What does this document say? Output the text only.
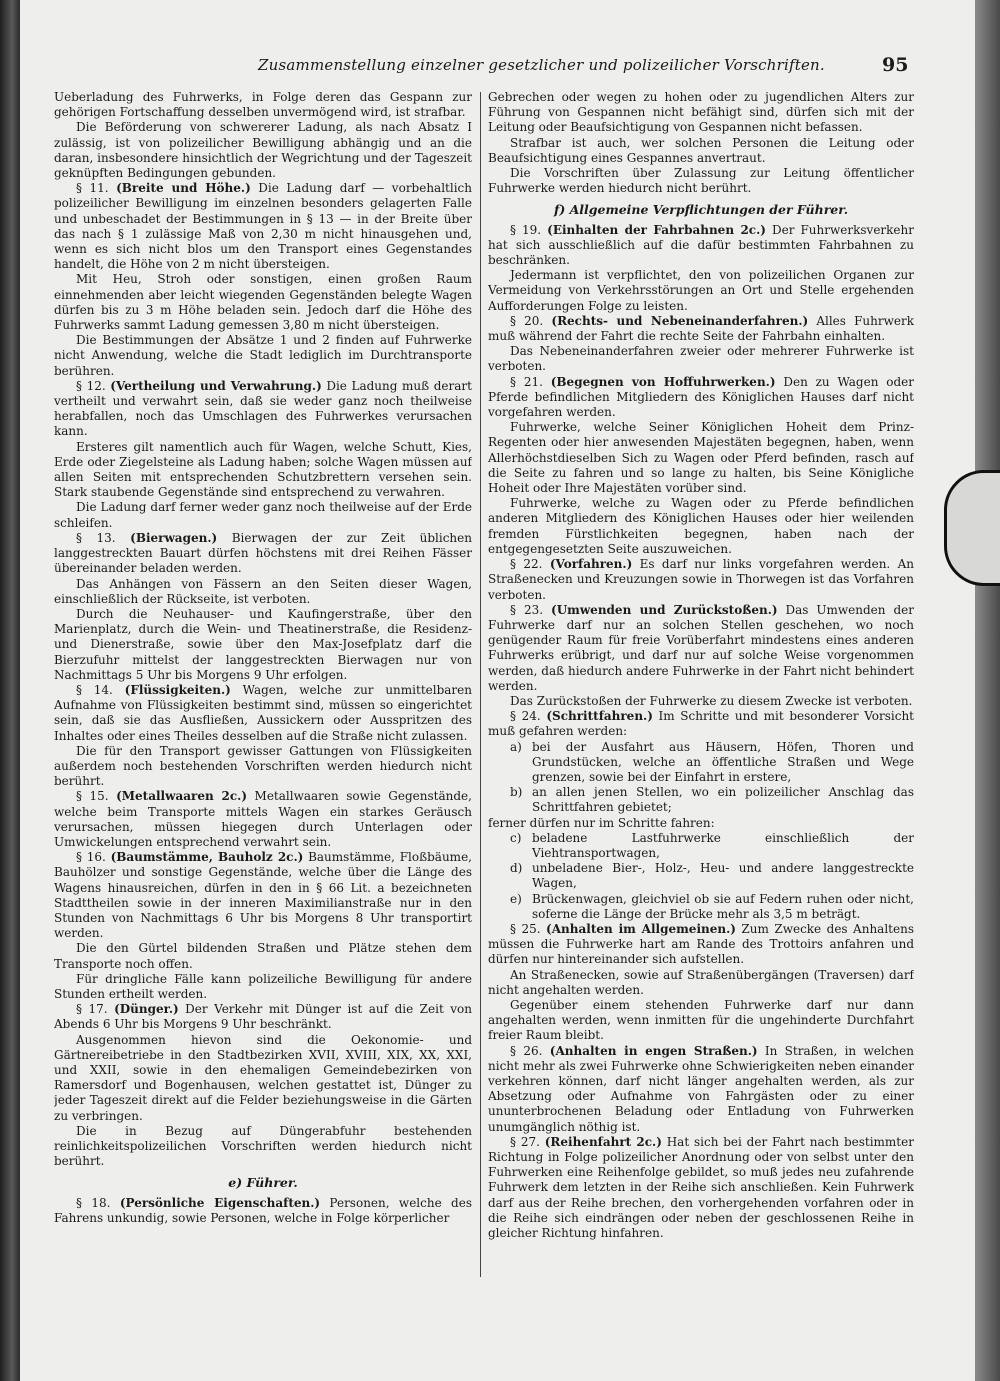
Zusammenstellung einzelner gesetzlicher und polizeilicher Vorschriften.	95

Ueberladung des Fuhrwerks, in Folge deren das Gespann zur gehörigen Fortschaffung desselben unvermögend wird, ist strafbar.

Die Beförderung von schwererer Ladung, als nach Absatz I zulässig, ist von polizeilicher Bewilligung abhängig und an die daran, insbesondere hinsichtlich der Wegrichtung und der Tageszeit geknüpften Bedingungen gebunden.

§ 11. (Breite und Höhe.) Die Ladung darf — vorbehaltlich polizeilicher Bewilligung im einzelnen besonders gelagerten Falle und unbeschadet der Bestimmungen in § 13 — in der Breite über das nach § 1 zulässige Maß von 2,30 m nicht hinausgehen und, wenn es sich nicht blos um den Transport eines Gegenstandes handelt, die Höhe von 2 m nicht übersteigen.

Mit Heu, Stroh oder sonstigen, einen großen Raum einnehmenden aber leicht wiegenden Gegenständen belegte Wagen dürfen bis zu 3 m Höhe beladen sein. Jedoch darf die Höhe des Fuhrwerks sammt Ladung gemessen 3,80 m nicht übersteigen.

Die Bestimmungen der Absätze 1 und 2 finden auf Fuhrwerke nicht Anwendung, welche die Stadt lediglich im Durchtransporte berühren.

§ 12. (Vertheilung und Verwahrung.) Die Ladung muß derart vertheilt und verwahrt sein, daß sie weder ganz noch theilweise herabfallen, noch das Umschlagen des Fuhrwerkes verursachen kann.

Ersteres gilt namentlich auch für Wagen, welche Schutt, Kies, Erde oder Ziegelsteine als Ladung haben; solche Wagen müssen auf allen Seiten mit entsprechenden Schutzbrettern versehen sein. Stark staubende Gegenstände sind entsprechend zu verwahren.

Die Ladung darf ferner weder ganz noch theilweise auf der Erde schleifen.

§ 13. (Bierwagen.) Bierwagen der zur Zeit üblichen langgestreckten Bauart dürfen höchstens mit drei Reihen Fässer übereinander beladen werden.

Das Anhängen von Fässern an den Seiten dieser Wagen, einschließlich der Rückseite, ist verboten.

Durch die Neuhauser- und Kaufingerstraße, über den Marienplatz, durch die Wein- und Theatinerstraße, die Residenz- und Dienerstraße, sowie über den Max-Josefplatz darf die Bierzufuhr mittelst der langgestreckten Bierwagen nur von Nachmittags 5 Uhr bis Morgens 9 Uhr erfolgen.

§ 14. (Flüssigkeiten.) Wagen, welche zur unmittelbaren Aufnahme von Flüssigkeiten bestimmt sind, müssen so eingerichtet sein, daß sie das Ausfließen, Aussickern oder Ausspritzen des Inhaltes oder eines Theiles desselben auf die Straße nicht zulassen.

Die für den Transport gewisser Gattungen von Flüssigkeiten außerdem noch bestehenden Vorschriften werden hiedurch nicht berührt.

§ 15. (Metallwaaren 2c.) Metallwaaren sowie Gegenstände, welche beim Transporte mittels Wagen ein starkes Geräusch verursachen, müssen hiegegen durch Unterlagen oder Umwickelungen entsprechend verwahrt sein.

§ 16. (Baumstämme, Bauholz 2c.) Baumstämme, Floßbäume, Bauhölzer und sonstige Gegenstände, welche über die Länge des Wagens hinausreichen, dürfen in den in § 66 Lit. a bezeichneten Stadttheilen sowie in der inneren Maximilianstraße nur in den Stunden von Nachmittags 6 Uhr bis Morgens 8 Uhr transportirt werden.

Die den Gürtel bildenden Straßen und Plätze stehen dem Transporte noch offen.

Für dringliche Fälle kann polizeiliche Bewilligung für andere Stunden ertheilt werden.

§ 17. (Dünger.) Der Verkehr mit Dünger ist auf die Zeit von Abends 6 Uhr bis Morgens 9 Uhr beschränkt.

Ausgenommen hievon sind die Oekonomie- und Gärtnereibetriebe in den Stadtbezirken XVII, XVIII, XIX, XX, XXI, und XXII, sowie in den ehemaligen Gemeindebezirken von Ramersdorf und Bogenhausen, welchen gestattet ist, Dünger zu jeder Tageszeit direkt auf die Felder beziehungsweise in die Gärten zu verbringen.

Die in Bezug auf Düngerabfuhr bestehenden reinlichkeitspolizeilichen Vorschriften werden hiedurch nicht berührt.

e) Führer.

§ 18. (Persönliche Eigenschaften.) Personen, welche des Fahrens unkundig, sowie Personen, welche in Folge körperlicher

Gebrechen oder wegen zu hohen oder zu jugendlichen Alters zur Führung von Gespannen nicht befähigt sind, dürfen sich mit der Leitung oder Beaufsichtigung von Gespannen nicht befassen.

Strafbar ist auch, wer solchen Personen die Leitung oder Beaufsichtigung eines Gespannes anvertraut.

Die Vorschriften über Zulassung zur Leitung öffentlicher Fuhrwerke werden hiedurch nicht berührt.

f) Allgemeine Verpflichtungen der Führer.

§ 19. (Einhalten der Fahrbahnen 2c.) Der Fuhrwerksverkehr hat sich ausschließlich auf die dafür bestimmten Fahrbahnen zu beschränken.

Jedermann ist verpflichtet, den von polizeilichen Organen zur Vermeidung von Verkehrsstörungen an Ort und Stelle ergehenden Aufforderungen Folge zu leisten.

§ 20. (Rechts- und Nebeneinanderfahren.) Alles Fuhrwerk muß während der Fahrt die rechte Seite der Fahrbahn einhalten.

Das Nebeneinanderfahren zweier oder mehrerer Fuhrwerke ist verboten.

§ 21. (Begegnen von Hoffuhrwerken.) Den zu Wagen oder Pferde befindlichen Mitgliedern des Königlichen Hauses darf nicht vorgefahren werden.

Fuhrwerke, welche Seiner Königlichen Hoheit dem Prinz-Regenten oder hier anwesenden Majestäten begegnen, haben, wenn Allerhöchstdieselben Sich zu Wagen oder Pferd befinden, rasch auf die Seite zu fahren und so lange zu halten, bis Seine Königliche Hoheit oder Ihre Majestäten vorüber sind.

Fuhrwerke, welche zu Wagen oder zu Pferde befindlichen anderen Mitgliedern des Königlichen Hauses oder hier weilenden fremden Fürstlichkeiten begegnen, haben nach der entgegengesetzten Seite auszuweichen.

§ 22. (Vorfahren.) Es darf nur links vorgefahren werden. An Straßenecken und Kreuzungen sowie in Thorwegen ist das Vorfahren verboten.

§ 23. (Umwenden und Zurückstoßen.) Das Umwenden der Fuhrwerke darf nur an solchen Stellen geschehen, wo noch genügender Raum für freie Vorüberfahrt mindestens eines anderen Fuhrwerks erübrigt, und darf nur auf solche Weise vorgenommen werden, daß hiedurch andere Fuhrwerke in der Fahrt nicht behindert werden.

Das Zurückstoßen der Fuhrwerke zu diesem Zwecke ist verboten.

§ 24. (Schrittfahren.) Im Schritte und mit besonderer Vorsicht muß gefahren werden:

a) bei der Ausfahrt aus Häusern, Höfen, Thoren und Grundstücken, welche an öffentliche Straßen und Wege grenzen, sowie bei der Einfahrt in erstere,
b) an allen jenen Stellen, wo ein polizeilicher Anschlag das Schrittfahren gebietet;

ferner dürfen nur im Schritte fahren:

c) beladene Lastfuhrwerke einschließlich der Viehtransportwagen,
d) unbeladene Bier-, Holz-, Heu- und andere langgestreckte Wagen,
e) Brückenwagen, gleichviel ob sie auf Federn ruhen oder nicht, soferne die Länge der Brücke mehr als 3,5 m beträgt.

§ 25. (Anhalten im Allgemeinen.) Zum Zwecke des Anhaltens müssen die Fuhrwerke hart am Rande des Trottoirs anfahren und dürfen nur hintereinander sich aufstellen.

An Straßenecken, sowie auf Straßenübergängen (Traversen) darf nicht angehalten werden.

Gegenüber einem stehenden Fuhrwerke darf nur dann angehalten werden, wenn inmitten für die ungehinderte Durchfahrt freier Raum bleibt.

§ 26. (Anhalten in engen Straßen.) In Straßen, in welchen nicht mehr als zwei Fuhrwerke ohne Schwierigkeiten neben einander verkehren können, darf nicht länger angehalten werden, als zur Absetzung oder Aufnahme von Fahrgästen oder zu einer ununterbrochenen Beladung oder Entladung von Fuhrwerken unumgänglich nöthig ist.

§ 27. (Reihenfahrt 2c.) Hat sich bei der Fahrt nach bestimmter Richtung in Folge polizeilicher Anordnung oder von selbst unter den Fuhrwerken eine Reihenfolge gebildet, so muß jedes neu zufahrende Fuhrwerk dem letzten in der Reihe sich anschließen. Kein Fuhrwerk darf aus der Reihe brechen, den vorhergehenden vorfahren oder in die Reihe sich eindrängen oder neben der geschlossenen Reihe in gleicher Richtung hinfahren.
